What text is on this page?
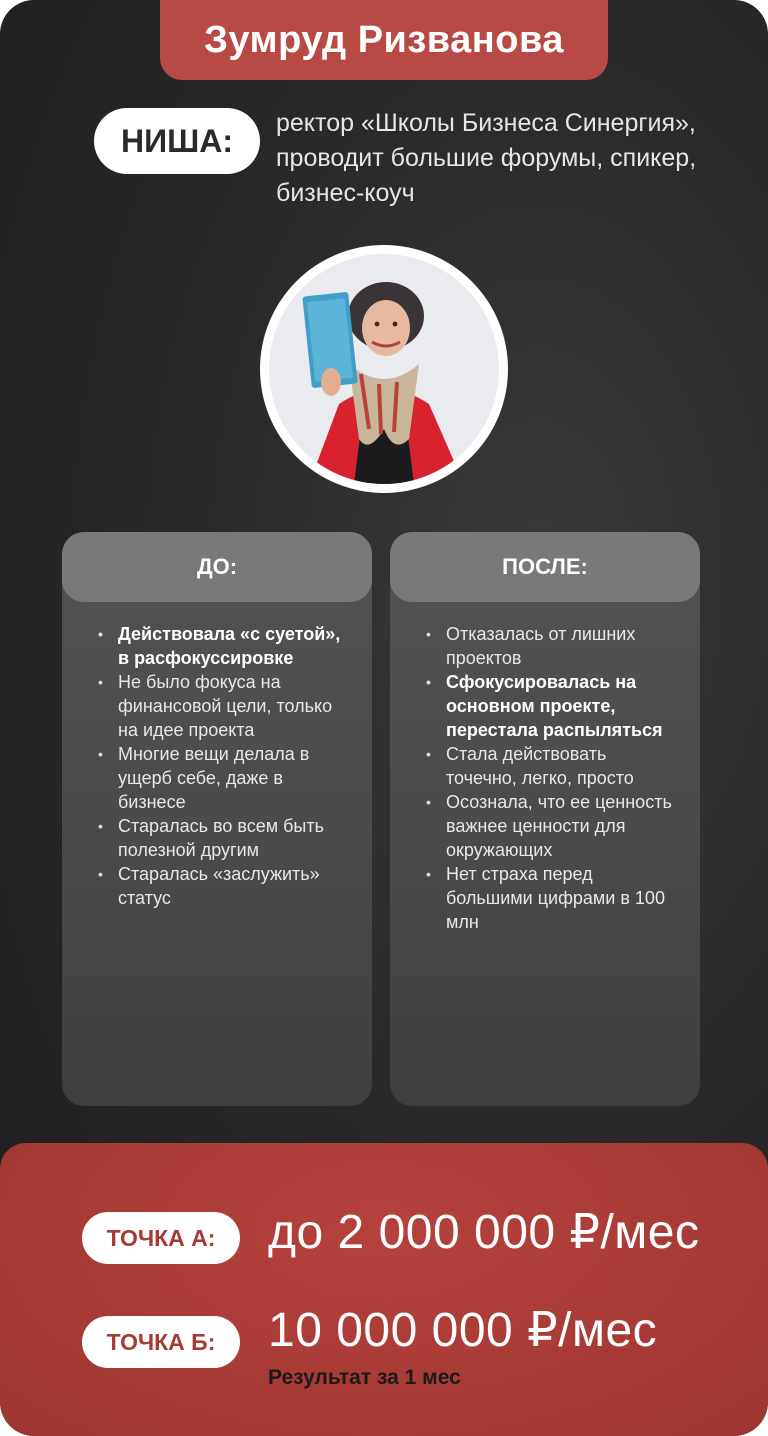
Зумруд Ризванова
НИША:	ректор «Школы Бизнеса Синергия», проводит большие форумы, спикер, бизнес-коуч
ДО:
• Действовала «с суетой», в расфокуссировке
• Не было фокуса на финансовой цели, только на идее проекта
• Многие вещи делала в ущерб себе, даже в бизнесе
• Старалась во всем быть полезной другим
• Старалась «заслужить» статус
ПОСЛЕ:
• Отказалась от лишних проектов
• Сфокусировалась на основном проекте, перестала распыляться
• Стала действовать точечно, легко, просто
• Осознала, что ее ценность важнее ценности для окружающих
• Нет страха перед большими цифрами в 100 млн
ТОЧКА А:	до 2 000 000 ₽/мес
ТОЧКА Б:	10 000 000 ₽/мес
Результат за 1 мес
